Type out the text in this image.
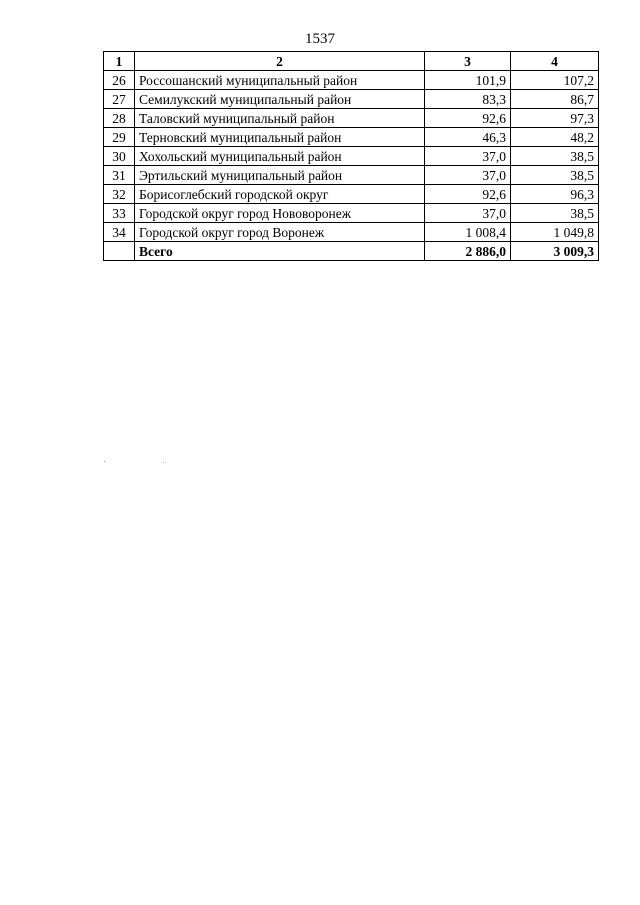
1537
1	2	3	4
26	Россошанский муниципальный район	101,9	107,2
27	Семилукский муниципальный район	83,3	86,7
28	Таловский муниципальный район	92,6	97,3
29	Терновский муниципальный район	46,3	48,2
30	Хохольский муниципальный район	37,0	38,5
31	Эртильский муниципальный район	37,0	38,5
32	Борисоглебский городской округ	92,6	96,3
33	Городской округ город Нововоронеж	37,0	38,5
34	Городской округ город Воронеж	1 008,4	1 049,8
	Всего	2 886,0	3 009,3
